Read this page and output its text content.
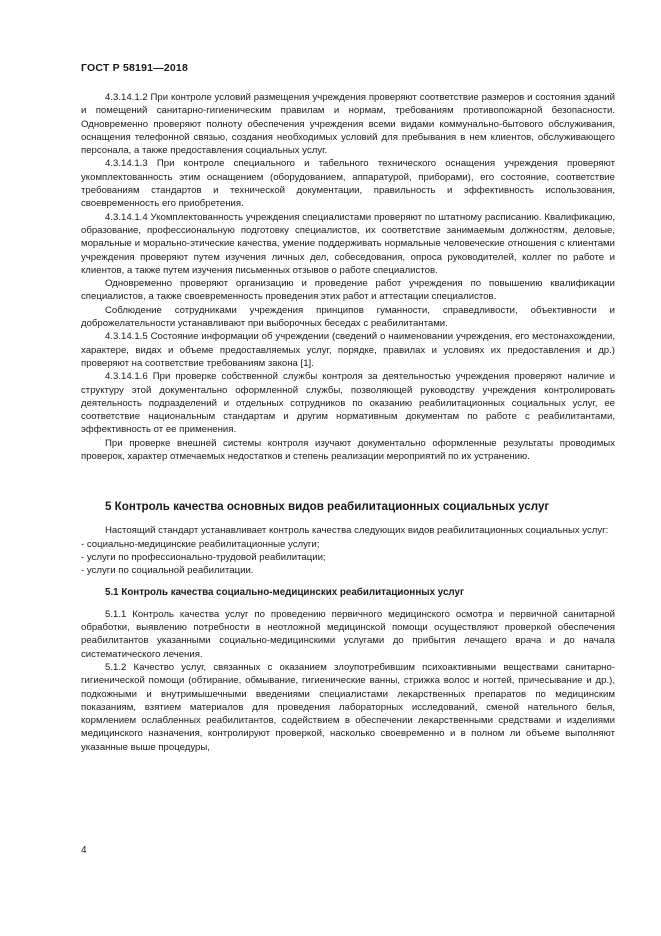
ГОСТ Р 58191—2018

4.3.14.1.2 При контроле условий размещения учреждения проверяют соответствие размеров и состояния зданий и помещений санитарно-гигиеническим правилам и нормам, требованиям противопожарной безопасности. Одновременно проверяют полноту обеспечения учреждения всеми видами коммунально-бытового обслуживания, оснащения телефонной связью, создания необходимых условий для пребывания в нем клиентов, обслуживающего персонала, а также предоставления социальных услуг.

4.3.14.1.3 При контроле специального и табельного технического оснащения учреждения проверяют укомплектованность этим оснащением (оборудованием, аппаратурой, приборами), его состояние, соответствие требованиям стандартов и технической документации, правильность и эффективность использования, своевременность его приобретения.

4.3.14.1.4 Укомплектованность учреждения специалистами проверяют по штатному расписанию. Квалификацию, образование, профессиональную подготовку специалистов, их соответствие занимаемым должностям, деловые, моральные и морально-этические качества, умение поддерживать нормальные человеческие отношения с клиентами учреждения проверяют путем изучения личных дел, собеседования, опроса руководителей, коллег по работе и клиентов, а также путем изучения письменных отзывов о работе специалистов.

Одновременно проверяют организацию и проведение работ учреждения по повышению квалификации специалистов, а также своевременность проведения этих работ и аттестации специалистов.

Соблюдение сотрудниками учреждения принципов гуманности, справедливости, объективности и доброжелательности устанавливают при выборочных беседах с реабилитантами.

4.3.14.1.5 Состояние информации об учреждении (сведений о наименовании учреждения, его местонахождении, характере, видах и объеме предоставляемых услуг, порядке, правилах и условиях их предоставления и др.) проверяют на соответствие требованиям закона [1].

4.3.14.1.6 При проверке собственной службы контроля за деятельностью учреждения проверяют наличие и структуру этой документально оформленной службы, позволяющей руководству учреждения контролировать деятельность подразделений и отдельных сотрудников по оказанию реабилитационных социальных услуг, ее соответствие национальным стандартам и другим нормативным документам по работе с реабилитантами, эффективность от ее применения.

При проверке внешней системы контроля изучают документально оформленные результаты проводимых проверок, характер отмечаемых недостатков и степень реализации мероприятий по их устранению.

5 Контроль качества основных видов реабилитационных социальных услуг

Настоящий стандарт устанавливает контроль качества следующих видов реабилитационных социальных услуг:

- социально-медицинские реабилитационные услуги;

- услуги по профессионально-трудовой реабилитации;

- услуги по социальной реабилитации.

5.1 Контроль качества социально-медицинских реабилитационных услуг

5.1.1 Контроль качества услуг по проведению первичного медицинского осмотра и первичной санитарной обработки, выявлению потребности в неотложной медицинской помощи осуществляют проверкой обеспечения реабилитантов указанными социально-медицинскими услугами до прибытия лечащего врача и до начала систематического лечения.

5.1.2 Качество услуг, связанных с оказанием злоупотребившим психоактивными веществами санитарно-гигиенической помощи (обтирание, обмывание, гигиенические ванны, стрижка волос и ногтей, причесывание и др.), подкожными и внутримышечными введениями специалистами лекарственных препаратов по медицинским показаниям, взятием материалов для проведения лабораторных исследований, сменой нательного белья, кормлением ослабленных реабилитантов, содействием в обеспечении лекарственными средствами и изделиями медицинского назначения, контролируют проверкой, насколько своевременно и в полном ли объеме выполняют указанные выше процедуры,

4
